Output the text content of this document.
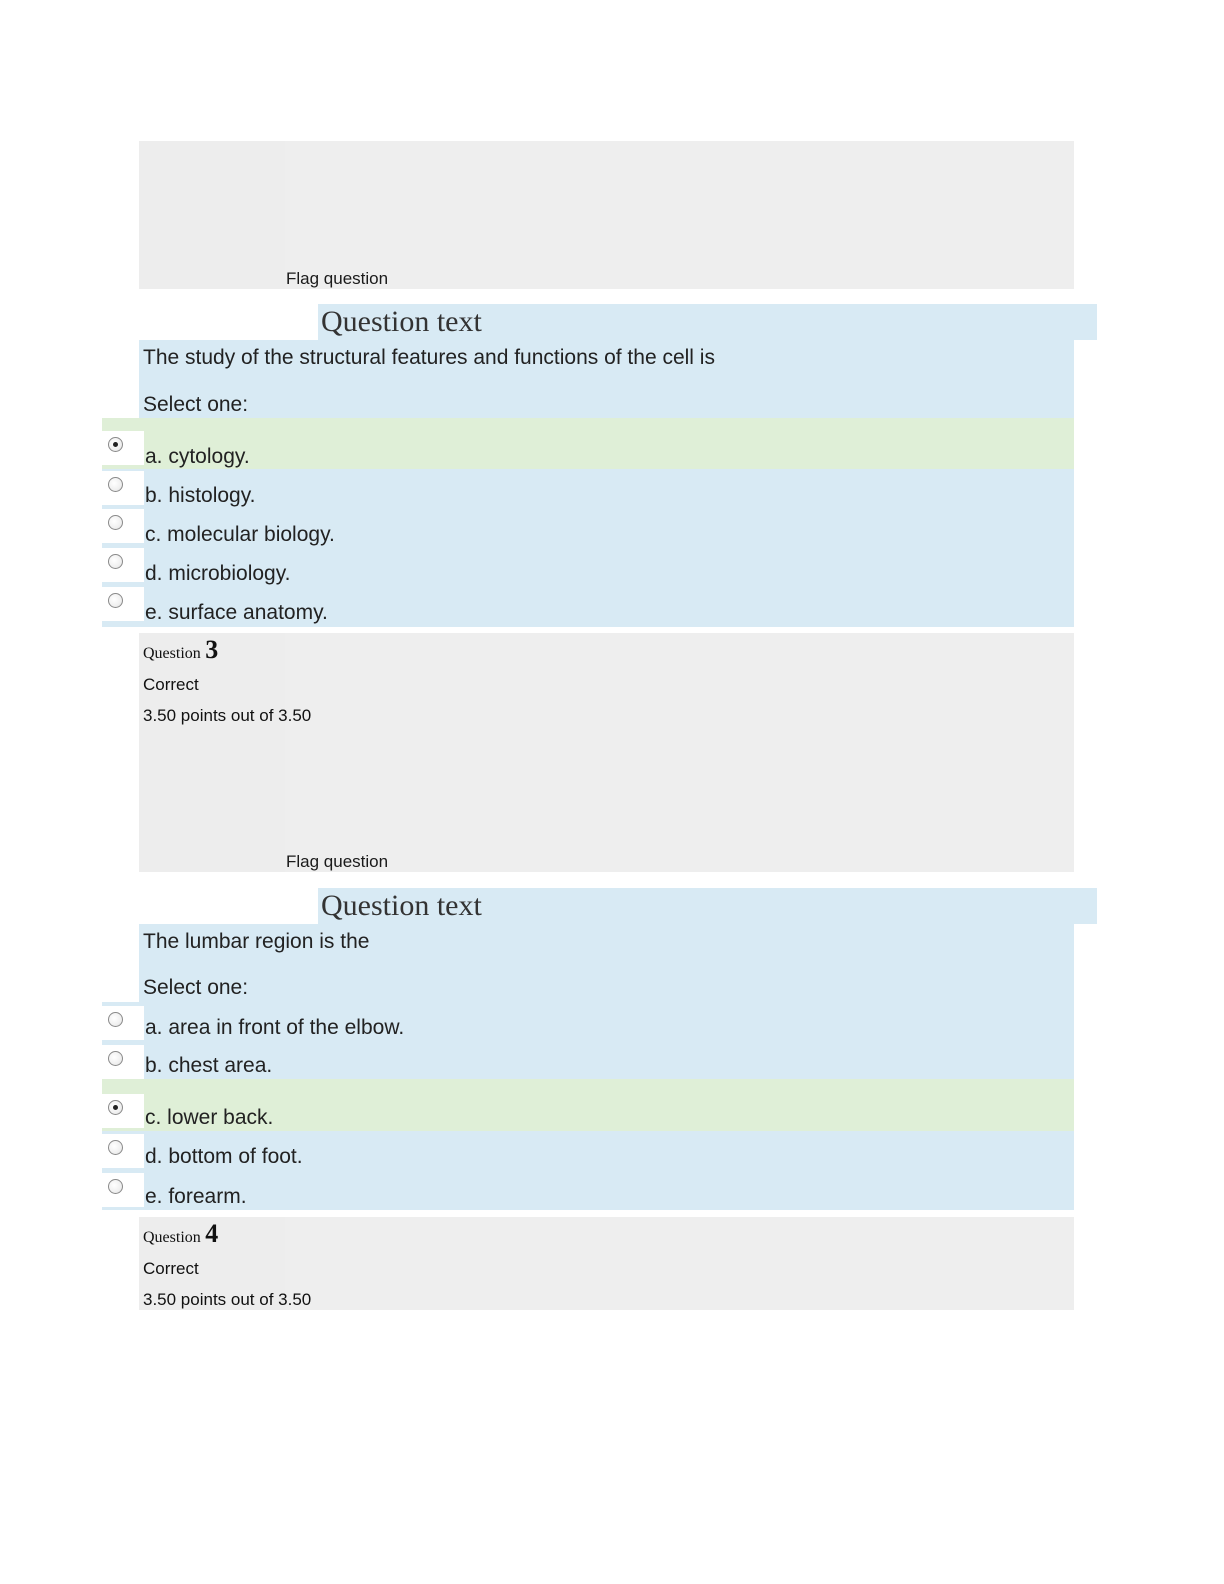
Flag question
Question text
The study of the structural features and functions of the cell is
Select one:
a. cytology.
b. histology.
c. molecular biology.
d. microbiology.
e. surface anatomy.
Question 3
Correct
3.50 points out of 3.50
Flag question
Question text
The lumbar region is the
Select one:
a. area in front of the elbow.
b. chest area.
c. lower back.
d. bottom of foot.
e. forearm.
Question 4
Correct
3.50 points out of 3.50
